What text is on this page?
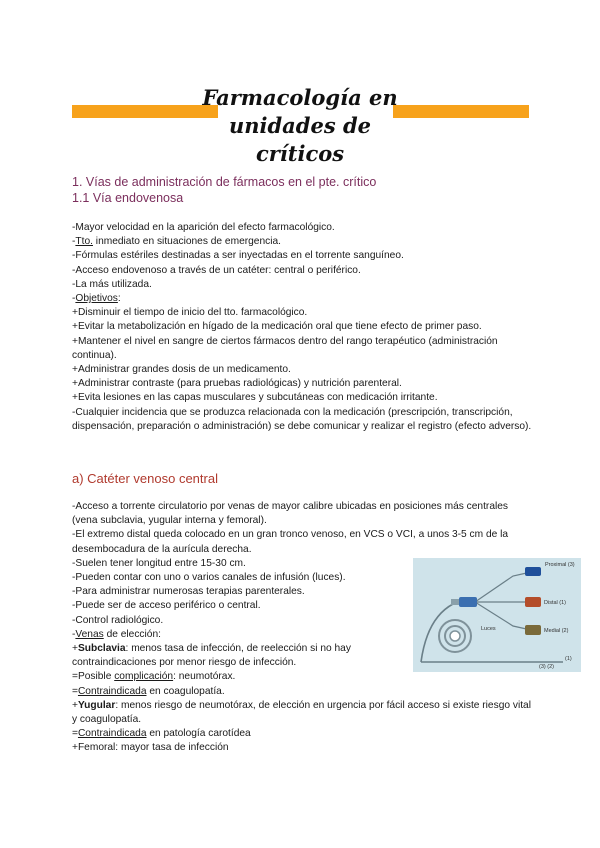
Farmacología en
unidades de críticos
1. Vías de administración de fármacos en el pte. crítico
1.1 Vía endovenosa

-Mayor velocidad en la aparición del efecto farmacológico.

-Tto. inmediato en situaciones de emergencia.

-Fórmulas estériles destinadas a ser inyectadas en el torrente sanguíneo.

-Acceso endovenoso a través de un catéter: central o periférico.

-La más utilizada.

-Objetivos:

+Disminuir el tiempo de inicio del tto. farmacológico.

+Evitar la metabolización en hígado de la medicación oral que tiene efecto de primer paso.

+Mantener el nivel en sangre de ciertos fármacos dentro del rango terapéutico (administración continua).

+Administrar grandes dosis de un medicamento.

+Administrar contraste (para pruebas radiológicas) y nutrición parenteral.

+Evita lesiones en las capas musculares y subcutáneas con medicación irritante.

-Cualquier incidencia que se produzca relacionada con la medicación (prescripción, transcripción, dispensación, preparación o administración) se debe comunicar y realizar el registro (efecto adverso).

a) Catéter venoso central

-Acceso a torrente circulatorio por venas de mayor calibre ubicadas en posiciones más centrales (vena subclavia, yugular interna y femoral).

-El extremo distal queda colocado en un gran tronco venoso, en VCS o VCI, a unos 3-5 cm de la desembocadura de la aurícula derecha.

-Suelen tener longitud entre 15-30 cm.

-Pueden contar con uno o varios canales de infusión (luces).

-Para administrar numerosas terapias parenterales.

-Puede ser de acceso periférico o central.

-Control radiológico.

-Venas de elección:

+Subclavia: menos tasa de infección, de reelección si no hay contraindicaciones por menor riesgo de infección.

=Posible complicación: neumotórax.

=Contraindicada en coagulopatía.

+Yugular: menos riesgo de neumotórax, de elección en urgencia por fácil acceso si existe riesgo vital y coagulopatía.

=Contraindicada en patología carotídea

+Femoral: mayor tasa de infección

Proximal (3)
Distal (1)
Medial (2)
Luces
(1)
(3) (2)
